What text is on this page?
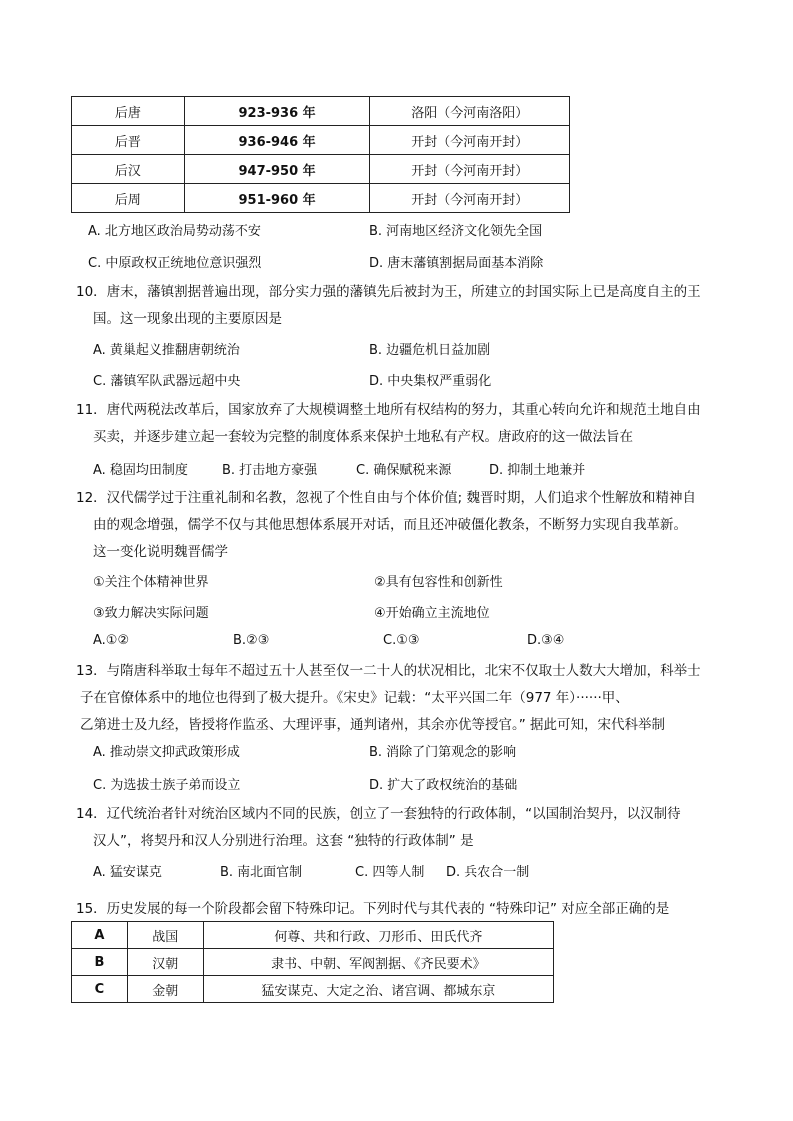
后唐	923-936 年	洛阳（今河南洛阳）
后晋	936-946 年	开封（今河南开封）
后汉	947-950 年	开封（今河南开封）
后周	951-960 年	开封（今河南开封）
A. 北方地区政治局势动荡不安	B. 河南地区经济文化领先全国
C. 中原政权正统地位意识强烈	D. 唐末藩镇割据局面基本消除
10．唐末，藩镇割据普遍出现，部分实力强的藩镇先后被封为王，所建立的封国实际上已是高度自主的王
国。这一现象出现的主要原因是
A. 黄巢起义推翻唐朝统治	B. 边疆危机日益加剧
C. 藩镇军队武器远超中央	D. 中央集权严重弱化
11．唐代两税法改革后，国家放弃了大规模调整土地所有权结构的努力，其重心转向允许和规范土地自由
买卖，并逐步建立起一套较为完整的制度体系来保护土地私有产权。唐政府的这一做法旨在
A. 稳固均田制度	B. 打击地方豪强	C. 确保赋税来源	D. 抑制土地兼并
12．汉代儒学过于注重礼制和名教，忽视了个性自由与个体价值; 魏晋时期，人们追求个性解放和精神自
由的观念增强，儒学不仅与其他思想体系展开对话，而且还冲破僵化教条，不断努力实现自我革新。
这一变化说明魏晋儒学
①关注个体精神世界	②具有包容性和创新性
③致力解决实际问题	④开始确立主流地位
A.①②	B.②③	C.①③	D.③④
13．与隋唐科举取士每年不超过五十人甚至仅一二十人的状况相比，北宋不仅取士人数大大增加，科举士
子在官僚体系中的地位也得到了极大提升。《宋史》记载：“太平兴国二年（977 年）······甲、
乙第进士及九经，皆授将作监丞、大理评事，通判诸州，其余亦优等授官。” 据此可知，宋代科举制
A. 推动崇文抑武政策形成	B. 消除了门第观念的影响
C. 为选拔士族子弟而设立	D. 扩大了政权统治的基础
14．辽代统治者针对统治区域内不同的民族，创立了一套独特的行政体制，“以国制治契丹，以汉制待
汉人”，将契丹和汉人分别进行治理。这套 “独特的行政体制” 是
A. 猛安谋克	B. 南北面官制	C. 四等人制 D. 兵农合一制
15．历史发展的每一个阶段都会留下特殊印记。下列时代与其代表的 “特殊印记” 对应全部正确的是
A	战国	何尊、共和行政、刀形币、田氏代齐
B	汉朝	隶书、中朝、军阀割据、《齐民要术》
C	金朝	猛安谋克、大定之治、诸宫调、都城东京
